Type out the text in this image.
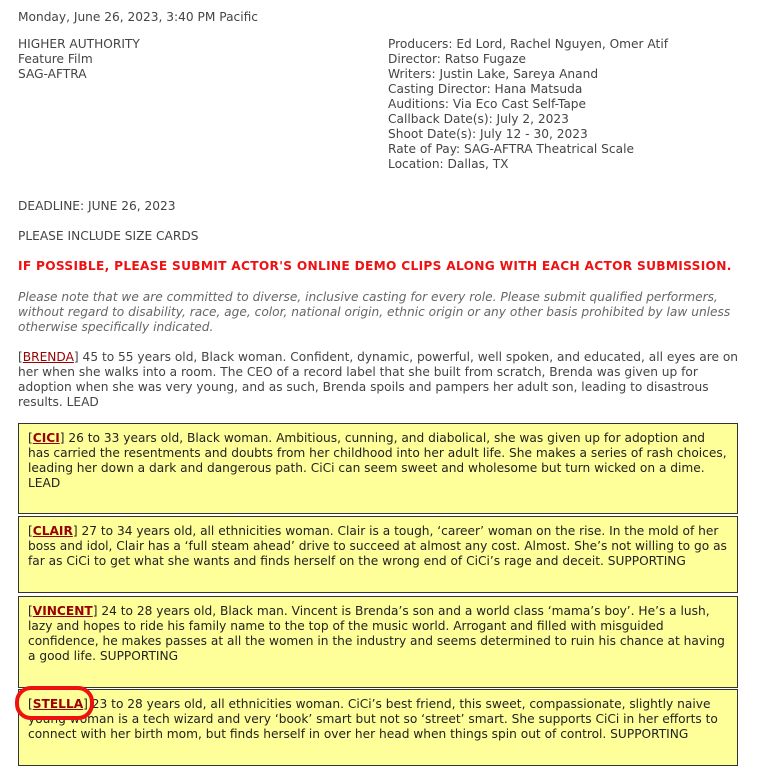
Monday, June 26, 2023, 3:40 PM Pacific
HIGHER AUTHORITY
Feature Film
SAG-AFTRA
Producers: Ed Lord, Rachel Nguyen, Omer Atif
Director: Ratso Fugaze
Writers: Justin Lake, Sareya Anand
Casting Director: Hana Matsuda
Auditions: Via Eco Cast Self-Tape
Callback Date(s): July 2, 2023
Shoot Date(s): July 12 - 30, 2023
Rate of Pay: SAG-AFTRA Theatrical Scale
Location: Dallas, TX
DEADLINE: JUNE 26, 2023
PLEASE INCLUDE SIZE CARDS
IF POSSIBLE, PLEASE SUBMIT ACTOR'S ONLINE DEMO CLIPS ALONG WITH EACH ACTOR SUBMISSION.
Please note that we are committed to diverse, inclusive casting for every role. Please submit qualified performers, without regard to disability, race, age, color, national origin, ethnic origin or any other basis prohibited by law unless otherwise specifically indicated.
[BRENDA] 45 to 55 years old, Black woman. Confident, dynamic, powerful, well spoken, and educated, all eyes are on her when she walks into a room. The CEO of a record label that she built from scratch, Brenda was given up for adoption when she was very young, and as such, Brenda spoils and pampers her adult son, leading to disastrous results. LEAD
[CICI] 26 to 33 years old, Black woman. Ambitious, cunning, and diabolical, she was given up for adoption and has carried the resentments and doubts from her childhood into her adult life. She makes a series of rash choices, leading her down a dark and dangerous path. CiCi can seem sweet and wholesome but turn wicked on a dime. LEAD
[CLAIR] 27 to 34 years old, all ethnicities woman. Clair is a tough, ‘career’ woman on the rise. In the mold of her boss and idol, Clair has a ‘full steam ahead’ drive to succeed at almost any cost. Almost. She’s not willing to go as far as CiCi to get what she wants and finds herself on the wrong end of CiCi’s rage and deceit. SUPPORTING
[VINCENT] 24 to 28 years old, Black man. Vincent is Brenda’s son and a world class ‘mama’s boy’. He’s a lush, lazy and hopes to ride his family name to the top of the music world. Arrogant and filled with misguided confidence, he makes passes at all the women in the industry and seems determined to ruin his chance at having a good life. SUPPORTING
[STELLA] 23 to 28 years old, all ethnicities woman. CiCi’s best friend, this sweet, compassionate, slightly naive young woman is a tech wizard and very ‘book’ smart but not so ‘street’ smart. She supports CiCi in her efforts to connect with her birth mom, but finds herself in over her head when things spin out of control. SUPPORTING
